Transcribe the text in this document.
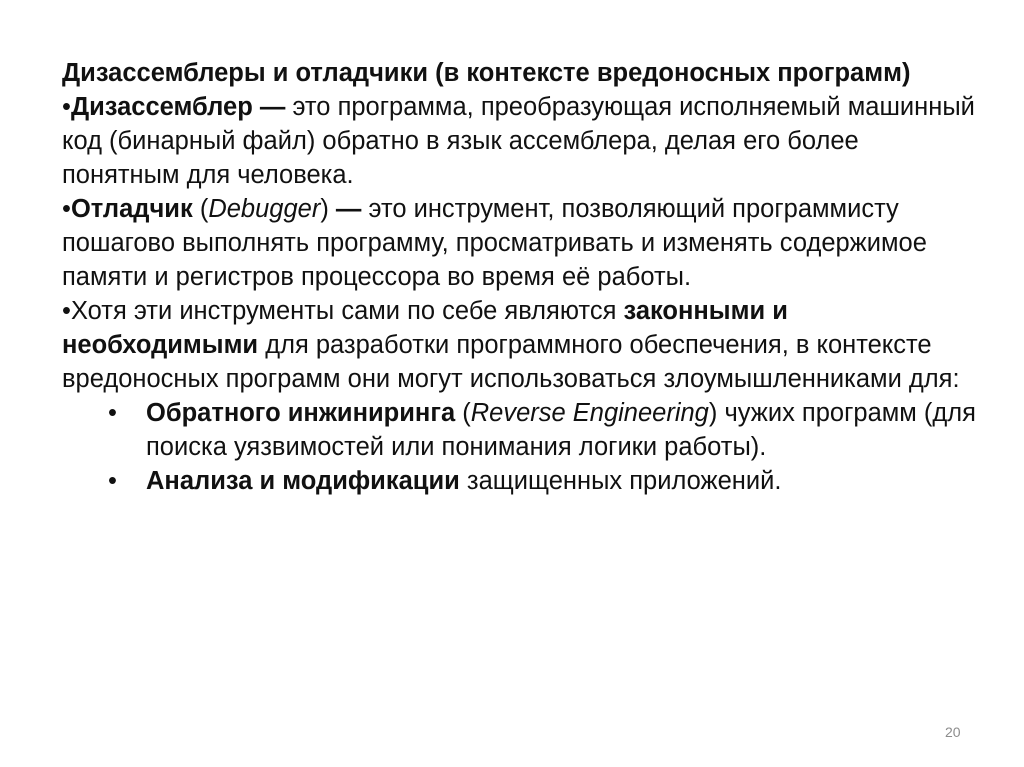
Дизассемблеры и отладчики (в контексте вредоносных программ)

•Дизассемблер — это программа, преобразующая исполняемый машинный код (бинарный файл) обратно в язык ассемблера, делая его более понятным для человека.

•Отладчик (Debugger) — это инструмент, позволяющий программисту пошагово выполнять программу, просматривать и изменять содержимое памяти и регистров процессора во время её работы.

•Хотя эти инструменты сами по себе являются законными и необходимыми для разработки программного обеспечения, в контексте вредоносных программ они могут использоваться злоумышленниками для:

• Обратного инжиниринга (Reverse Engineering) чужих программ (для поиска уязвимостей или понимания логики работы).
• Анализа и модификации защищенных приложений.
20
